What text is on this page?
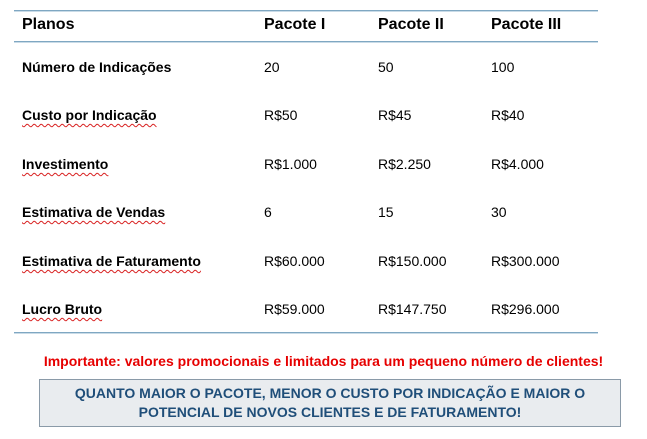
Planos	Pacote I	Pacote II	Pacote III
Número de Indicações	20	50	100
Custo por Indicação	R$50	R$45	R$40
Investimento	R$1.000	R$2.250	R$4.000
Estimativa de Vendas	6	15	30
Estimativa de Faturamento	R$60.000	R$150.000	R$300.000
Lucro Bruto	R$59.000	R$147.750	R$296.000
Importante: valores promocionais e limitados para um pequeno número de clientes!
QUANTO MAIOR O PACOTE, MENOR O CUSTO POR INDICAÇÃO E MAIOR O
POTENCIAL DE NOVOS CLIENTES E DE FATURAMENTO!
